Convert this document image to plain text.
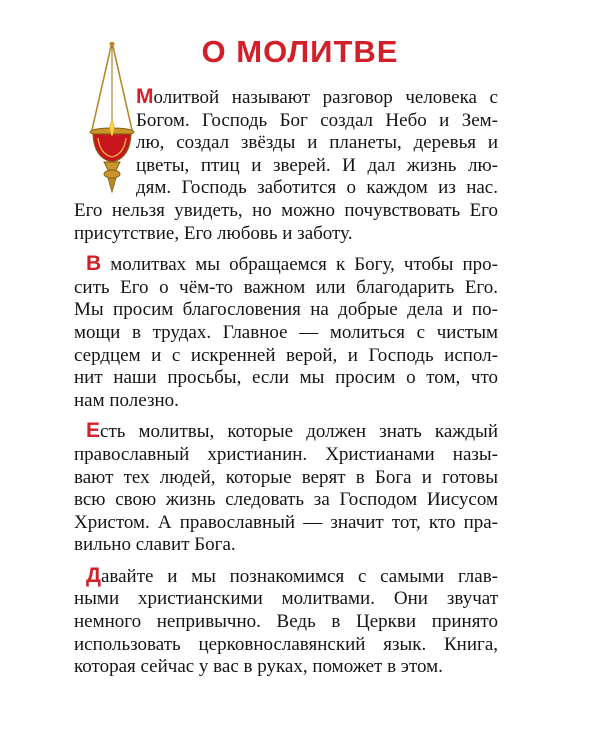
О МОЛИТВЕ
Молитвой называют разговор человека с
Богом. Господь Бог создал Небо и Зем-
лю, создал звёзды и планеты, деревья и
цветы, птиц и зверей. И дал жизнь лю-
дям. Господь заботится о каждом из нас.
Его нельзя увидеть, но можно почувствовать Его
присутствие, Его любовь и заботу.
В молитвах мы обращаемся к Богу, чтобы про-
сить Его о чём-то важном или благодарить Его.
Мы просим благословения на добрые дела и по-
мощи в трудах. Главное — молиться с чистым
сердцем и с искренней верой, и Господь испол-
нит наши просьбы, если мы просим о том, что
нам полезно.
Есть молитвы, которые должен знать каждый
православный христианин. Христианами назы-
вают тех людей, которые верят в Бога и готовы
всю свою жизнь следовать за Господом Иисусом
Христом. А православный — значит тот, кто пра-
вильно славит Бога.
Давайте и мы познакомимся с самыми глав-
ными христианскими молитвами. Они звучат
немного непривычно. Ведь в Церкви принято
использовать церковнославянский язык. Книга,
которая сейчас у вас в руках, поможет в этом.
